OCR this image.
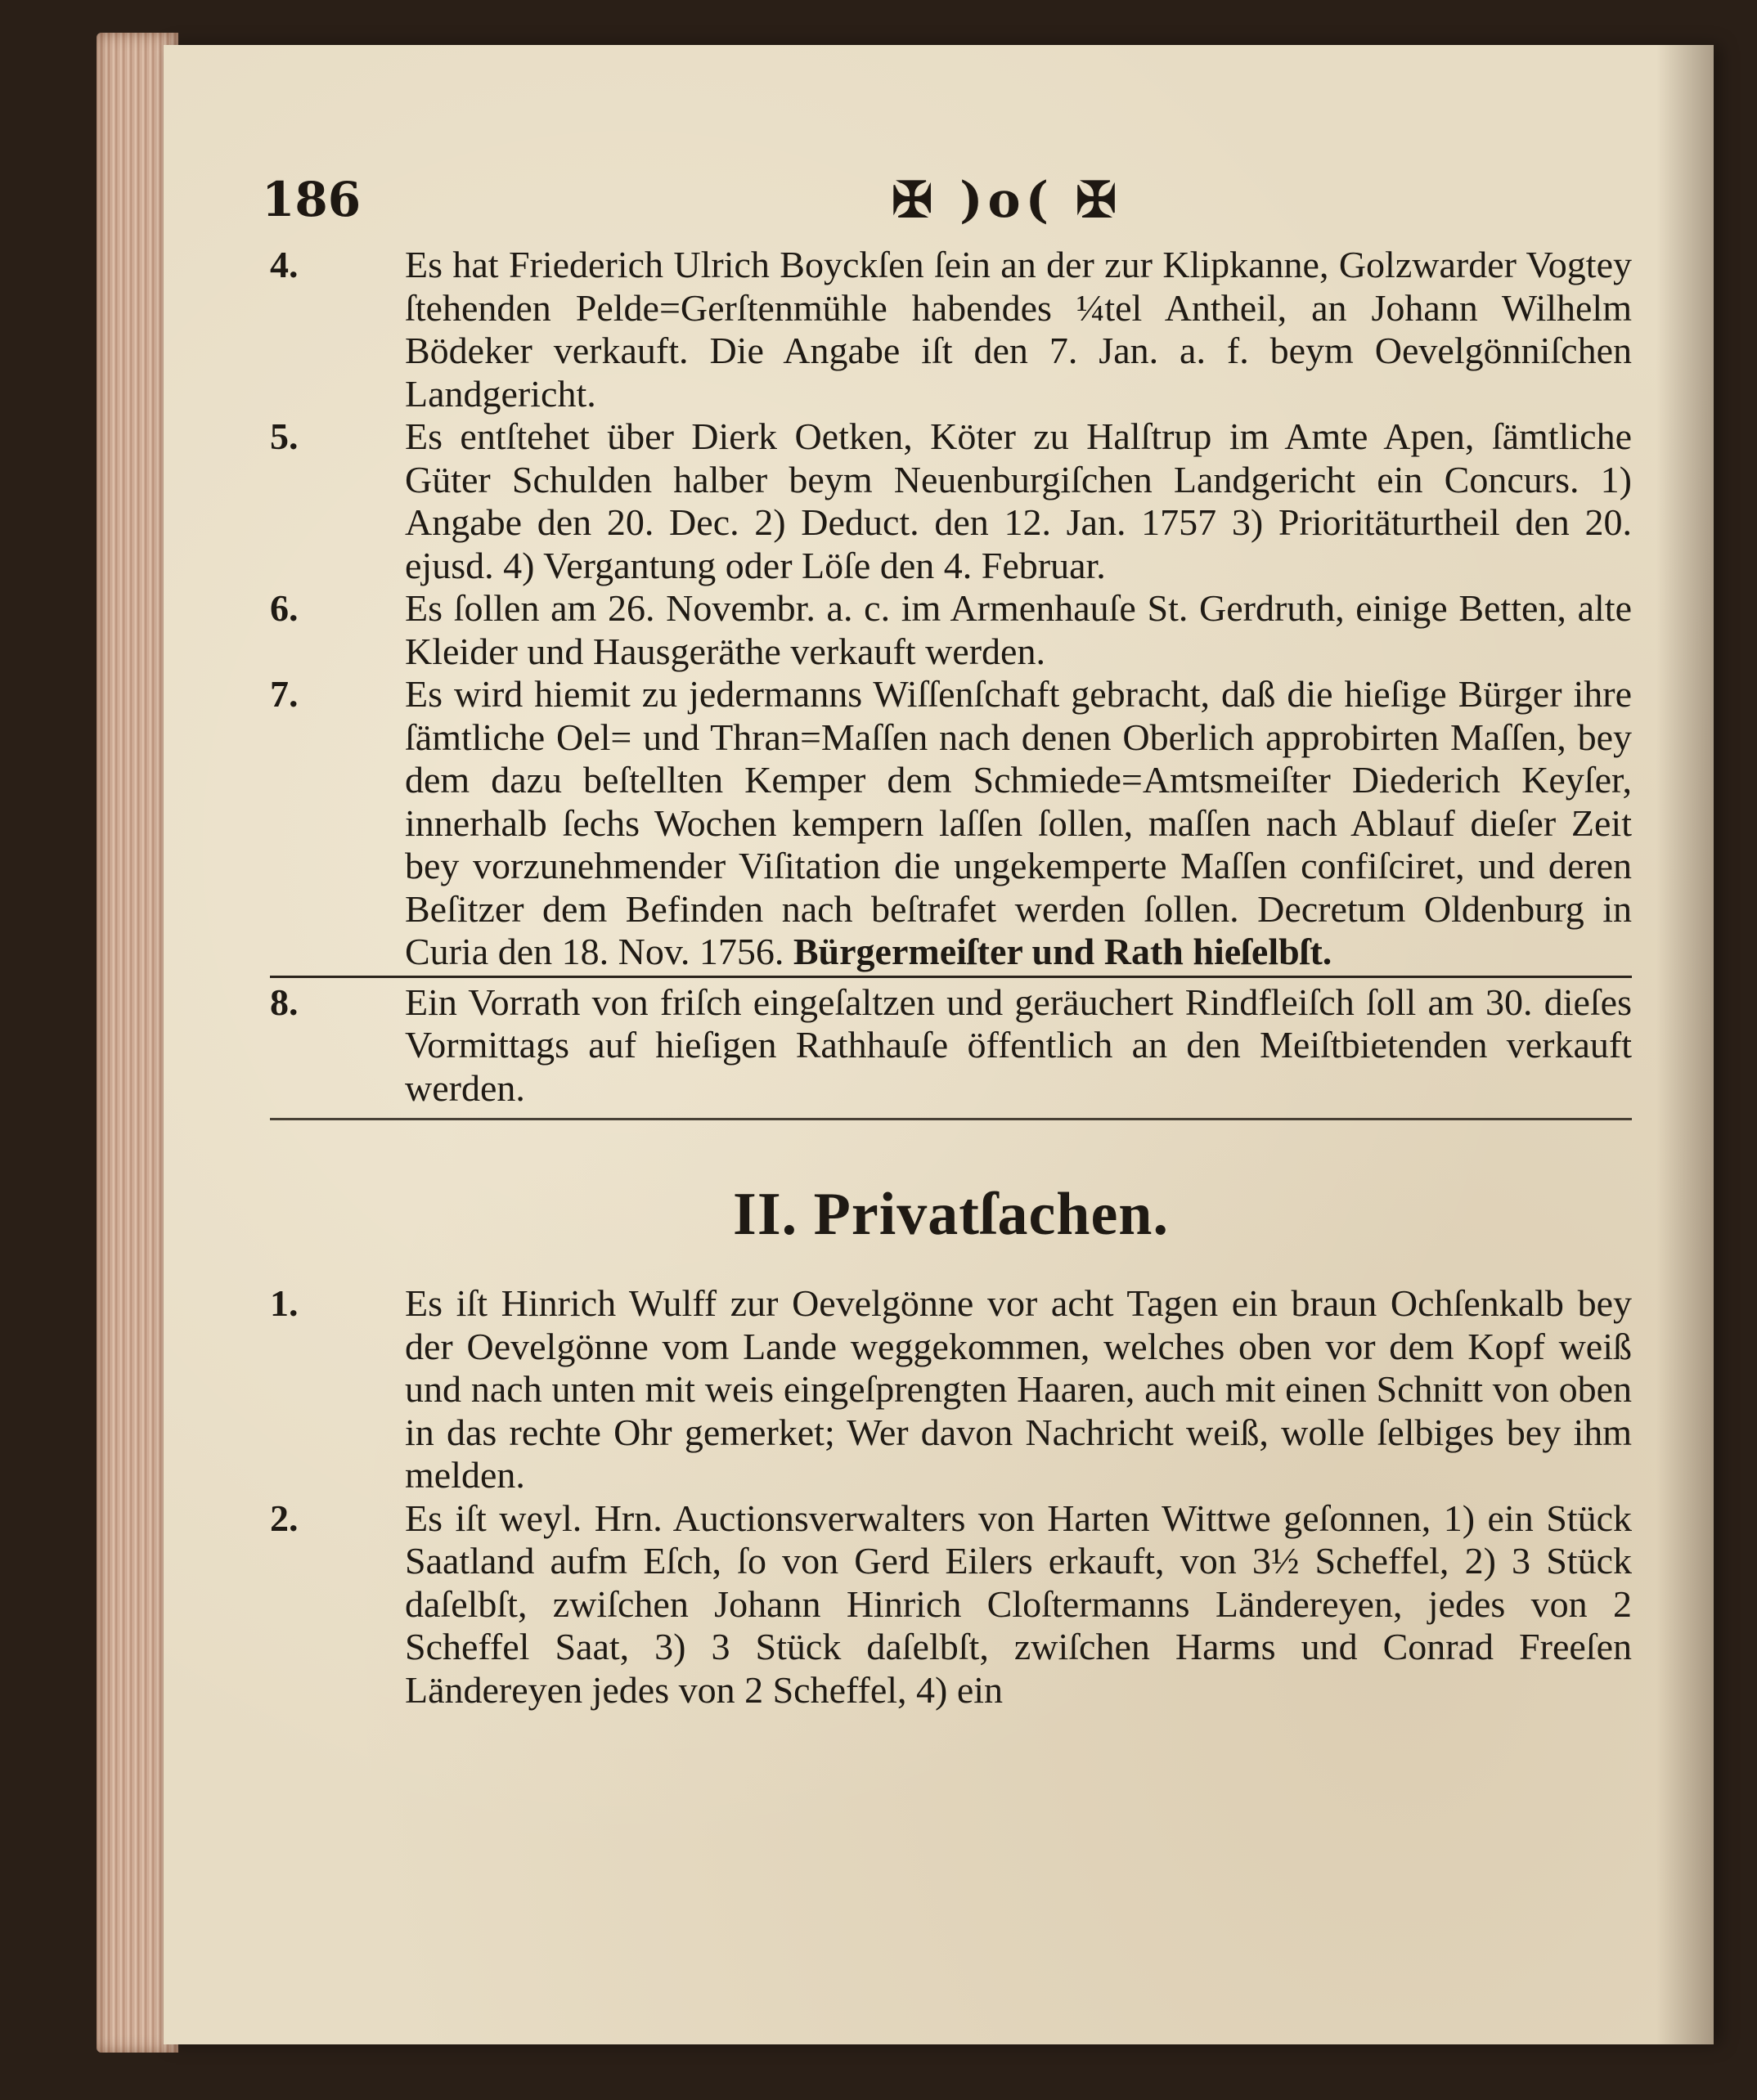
186	✠ )o( ✠
4.	Es hat Friederich Ulrich Boyckſen ſein an der zur Klipkanne, Golzwarder Vogtey ſtehenden Pelde=Gerſtenmühle habendes ¼tel Antheil, an Johann Wilhelm Bödeker verkauft. Die Angabe iſt den 7. Jan. a. f. beym Oevelgönniſchen Landgericht.
5.	Es entſtehet über Dierk Oetken, Köter zu Halſtrup im Amte Apen, ſämtliche Güter Schulden halber beym Neuenburgiſchen Landgericht ein Concurs. 1) Angabe den 20. Dec. 2) Deduct. den 12. Jan. 1757 3) Prioritäturtheil den 20. ejusd. 4) Vergantung oder Löſe den 4. Februar.
6.	Es ſollen am 26. Novembr. a. c. im Armenhauſe St. Gerdruth, einige Betten, alte Kleider und Hausgeräthe verkauft werden.
7.	Es wird hiemit zu jedermanns Wiſſenſchaft gebracht, daß die hieſige Bürger ihre ſämtliche Oel= und Thran=Maſſen nach denen Oberlich approbirten Maſſen, bey dem dazu beſtellten Kemper dem Schmiede=Amtsmeiſter Diederich Keyſer, innerhalb ſechs Wochen kempern laſſen ſollen, maſſen nach Ablauf dieſer Zeit bey vorzunehmender Viſitation die ungekemperte Maſſen confiſciret, und deren Beſitzer dem Befinden nach beſtrafet werden ſollen. Decretum Oldenburg in Curia den 18. Nov. 1756. Bürgermeiſter und Rath hieſelbſt.
8.	Ein Vorrath von friſch eingeſaltzen und geräuchert Rindfleiſch ſoll am 30. dieſes Vormittags auf hieſigen Rathhauſe öffentlich an den Meiſtbietenden verkauft werden.
II. Privatſachen.
1.	Es iſt Hinrich Wulff zur Oevelgönne vor acht Tagen ein braun Ochſenkalb bey der Oevelgönne vom Lande weggekommen, welches oben vor dem Kopf weiß und nach unten mit weis eingeſprengten Haaren, auch mit einen Schnitt von oben in das rechte Ohr gemerket; Wer davon Nachricht weiß, wolle ſelbiges bey ihm melden.
2.	Es iſt weyl. Hrn. Auctionsverwalters von Harten Wittwe geſonnen, 1) ein Stück Saatland aufm Eſch, ſo von Gerd Eilers erkauft, von 3½ Scheffel, 2) 3 Stück daſelbſt, zwiſchen Johann Hinrich Cloſtermanns Ländereyen, jedes von 2 Scheffel Saat, 3) 3 Stück daſelbſt, zwiſchen Harms und Conrad Freeſen Ländereyen jedes von 2 Scheffel, 4) ein
